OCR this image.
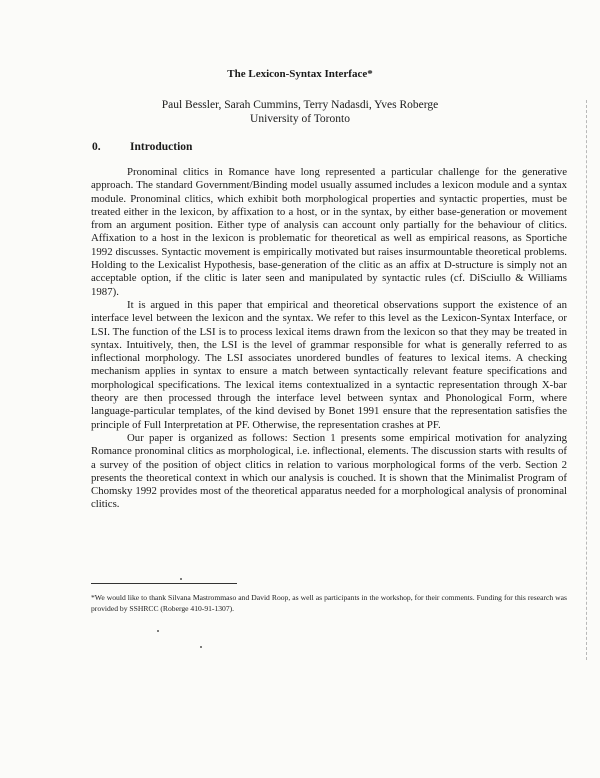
The Lexicon-Syntax Interface*
Paul Bessler, Sarah Cummins, Terry Nadasdi, Yves Roberge
University of Toronto
0.	Introduction

Pronominal clitics in Romance have long represented a particular challenge for the generative approach. The standard Government/Binding model usually assumed includes a lexicon module and a syntax module. Pronominal clitics, which exhibit both morphological properties and syntactic properties, must be treated either in the lexicon, by affixation to a host, or in the syntax, by either base-generation or movement from an argument position. Either type of analysis can account only partially for the behaviour of clitics. Affixation to a host in the lexicon is problematic for theoretical as well as empirical reasons, as Sportiche 1992 discusses. Syntactic movement is empirically motivated but raises insurmountable theoretical problems. Holding to the Lexicalist Hypothesis, base-generation of the clitic as an affix at D-structure is simply not an acceptable option, if the clitic is later seen and manipulated by syntactic rules (cf. DiSciullo & Williams 1987).

It is argued in this paper that empirical and theoretical observations support the existence of an interface level between the lexicon and the syntax. We refer to this level as the Lexicon-Syntax Interface, or LSI. The function of the LSI is to process lexical items drawn from the lexicon so that they may be treated in syntax. Intuitively, then, the LSI is the level of grammar responsible for what is generally referred to as inflectional morphology. The LSI associates unordered bundles of features to lexical items. A checking mechanism applies in syntax to ensure a match between syntactically relevant feature specifications and morphological specifications. The lexical items contextualized in a syntactic representation through X-bar theory are then processed through the interface level between syntax and Phonological Form, where language-particular templates, of the kind devised by Bonet 1991 ensure that the representation satisfies the principle of Full Interpretation at PF. Otherwise, the representation crashes at PF.

Our paper is organized as follows: Section 1 presents some empirical motivation for analyzing Romance pronominal clitics as morphological, i.e. inflectional, elements. The discussion starts with results of a survey of the position of object clitics in relation to various morphological forms of the verb. Section 2 presents the theoretical context in which our analysis is couched. It is shown that the Minimalist Program of Chomsky 1992 provides most of the theoretical apparatus needed for a morphological analysis of pronominal clitics.

*We would like to thank Silvana Mastrommaso and David Roop, as well as participants in the workshop, for their comments. Funding for this research was provided by SSHRCC (Roberge 410-91-1307).
